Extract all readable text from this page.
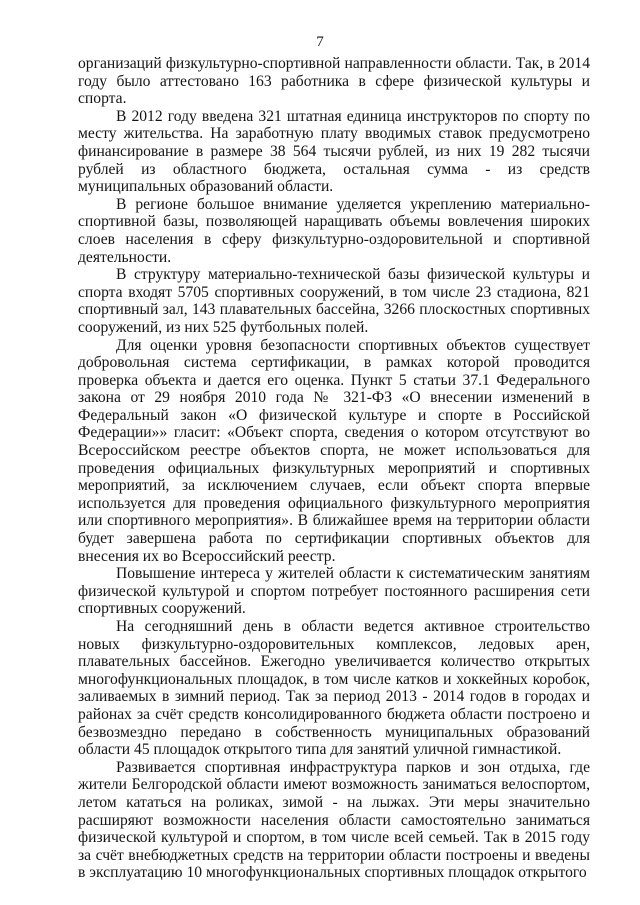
7

организаций физкультурно-спортивной направленности области. Так, в 2014 году было аттестовано 163 работника в сфере физической культуры и спорта.

В 2012 году введена 321 штатная единица инструкторов по спорту по месту жительства. На заработную плату вводимых ставок предусмотрено финансирование в размере 38 564 тысячи рублей, из них 19 282 тысячи рублей из областного бюджета, остальная сумма - из средств муниципальных образований области.

В регионе большое внимание уделяется укреплению материально-спортивной базы, позволяющей наращивать объемы вовлечения широких слоев населения в сферу физкультурно-оздоровительной и спортивной деятельности.

В структуру материально-технической базы физической культуры и спорта входят 5705 спортивных сооружений, в том числе 23 стадиона, 821 спортивный зал, 143 плавательных бассейна, 3266 плоскостных спортивных сооружений, из них 525 футбольных полей.

Для оценки уровня безопасности спортивных объектов существует добровольная система сертификации, в рамках которой проводится проверка объекта и дается его оценка. Пункт 5 статьи 37.1 Федерального закона от 29 ноября 2010 года № 321-ФЗ «О внесении изменений в Федеральный закон «О физической культуре и спорте в Российской Федерации»» гласит: «Объект спорта, сведения о котором отсутствуют во Всероссийском реестре объектов спорта, не может использоваться для проведения официальных физкультурных мероприятий и спортивных мероприятий, за исключением случаев, если объект спорта впервые используется для проведения официального физкультурного мероприятия или спортивного мероприятия». В ближайшее время на территории области будет завершена работа по сертификации спортивных объектов для внесения их во Всероссийский реестр.

Повышение интереса у жителей области к систематическим занятиям физической культурой и спортом потребует постоянного расширения сети спортивных сооружений.

На сегодняшний день в области ведется активное строительство новых физкультурно-оздоровительных комплексов, ледовых арен, плавательных бассейнов. Ежегодно увеличивается количество открытых многофункциональных площадок, в том числе катков и хоккейных коробок, заливаемых в зимний период. Так за период 2013 - 2014 годов в городах и районах за счёт средств консолидированного бюджета области построено и безвозмездно передано в собственность муниципальных образований области 45 площадок открытого типа для занятий уличной гимнастикой.

Развивается спортивная инфраструктура парков и зон отдыха, где жители Белгородской области имеют возможность заниматься велоспортом, летом кататься на роликах, зимой - на лыжах. Эти меры значительно расширяют возможности населения области самостоятельно заниматься физической культурой и спортом, в том числе всей семьей. Так в 2015 году за счёт внебюджетных средств на территории области построены и введены в эксплуатацию 10 многофункциональных спортивных площадок открытого
